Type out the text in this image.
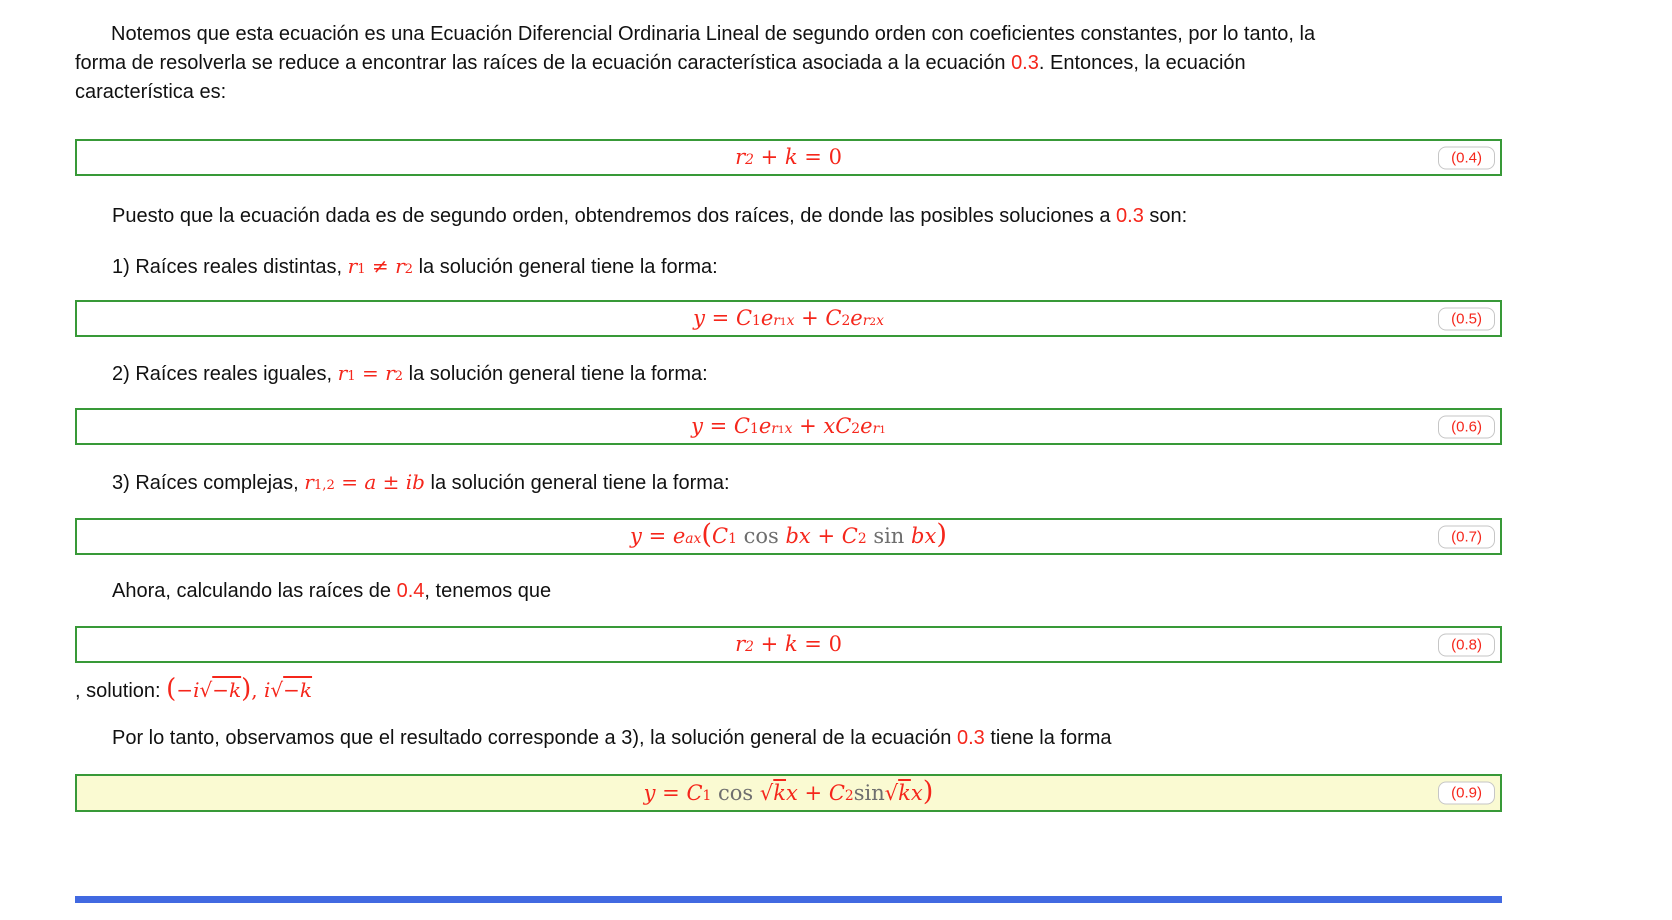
Notemos que esta ecuación es una Ecuación Diferencial Ordinaria Lineal de segundo orden con coeficientes constantes, por lo tanto, la
forma de resolverla se reduce a encontrar las raíces de la ecuación característica asociada a la ecuación 0.3. Entonces, la ecuación
característica es:
$r^2 + k = 0$	(0.4)
Puesto que la ecuación dada es de segundo orden, obtendremos dos raíces, de donde las posibles soluciones a 0.3 son:
1) Raíces reales distintas, r1 ≠ r2 la solución general tiene la forma:
$y = C1e^r1^x + C2e^r2^x$	(0.5)
2) Raíces reales iguales, r1 = r2 la solución general tiene la forma:
$y = C1e^r1^x + xC2e^r1$	(0.6)
3) Raíces complejas, r1,2 = a ± ib la solución general tiene la forma:
$y = e^{ax}(C1$ cos bx + C2 sin bx)	(0.7)
Ahora, calculando las raíces de 0.4, tenemos que
$r^2 + k = 0$	(0.8)
, solution: (−i√−k), i√−k
Por lo tanto, observamos que el resultado corresponde a 3), la solución general de la ecuación 0.3 tiene la forma
y = C1 cos √kx + C2sin√kx)	(0.9)
